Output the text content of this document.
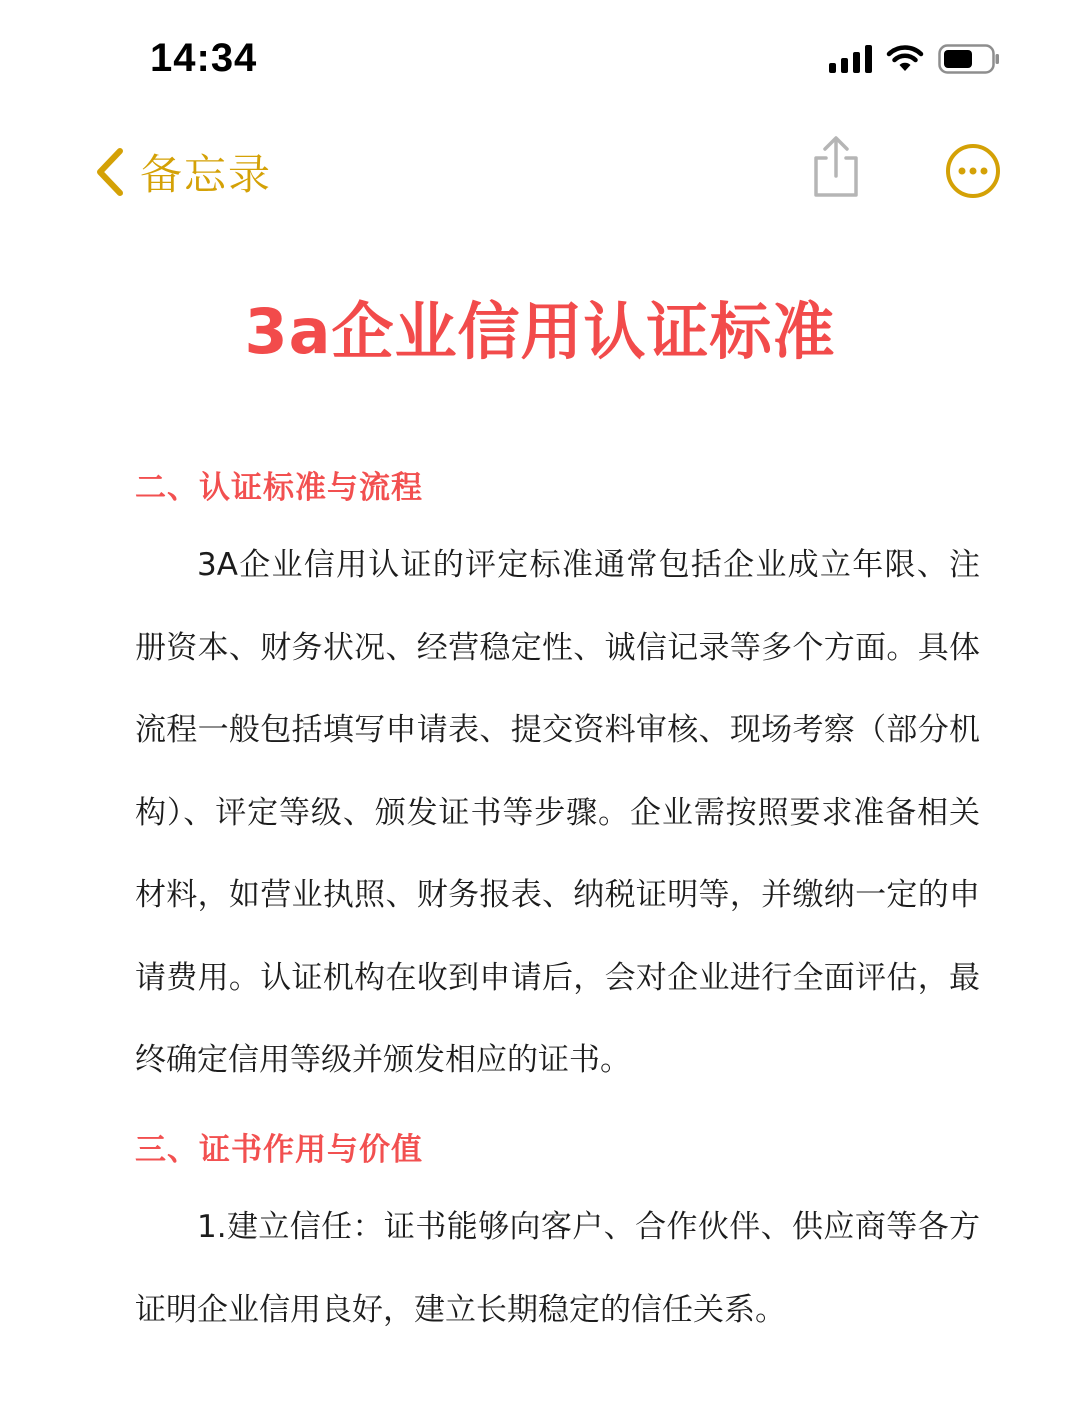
14:34
备忘录
3a企业信用认证标准
二、认证标准与流程
3A企业信用认证的评定标准通常包括企业成立年限、注册资本、财务状况、经营稳定性、诚信记录等多个方面。具体流程一般包括填写申请表、提交资料审核、现场考察（部分机构）、评定等级、颁发证书等步骤。企业需按照要求准备相关材料，如营业执照、财务报表、纳税证明等，并缴纳一定的申请费用。认证机构在收到申请后，会对企业进行全面评估，最终确定信用等级并颁发相应的证书。
三、证书作用与价值
1.建立信任：证书能够向客户、合作伙伴、供应商等各方证明企业信用良好，建立长期稳定的信任关系。
